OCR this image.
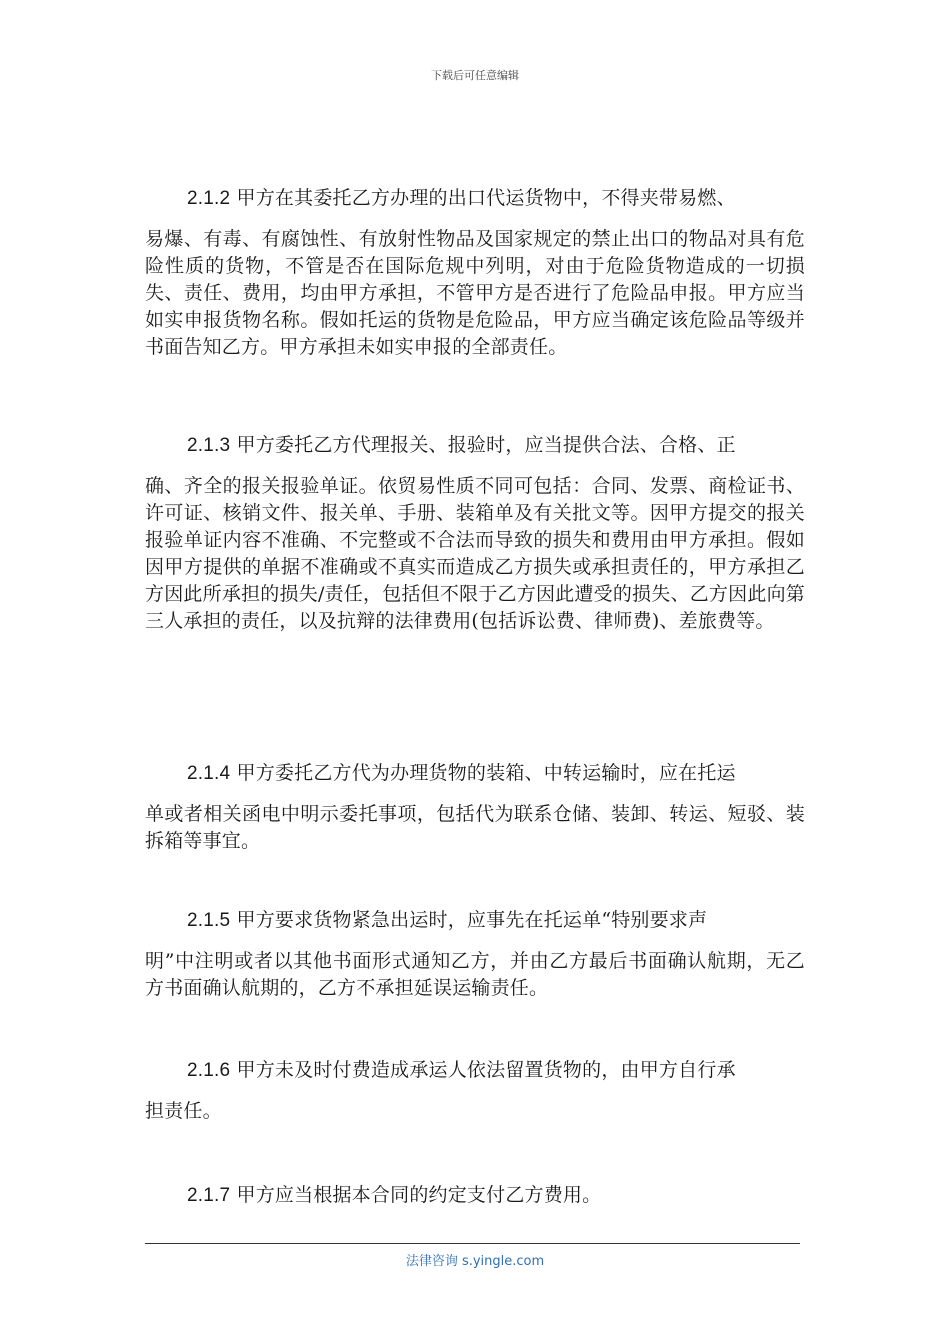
下载后可任意编辑
2.1.2 甲方在其委托乙方办理的出口代运货物中，不得夹带易燃、
易爆、有毒、有腐蚀性、有放射性物品及国家规定的禁止出口的物品对具有危险性质的货物，不管是否在国际危规中列明，对由于危险货物造成的一切损失、责任、费用，均由甲方承担，不管甲方是否进行了危险品申报。甲方应当如实申报货物名称。假如托运的货物是危险品，甲方应当确定该危险品等级并书面告知乙方。甲方承担未如实申报的全部责任。
2.1.3 甲方委托乙方代理报关、报验时，应当提供合法、合格、正
确、齐全的报关报验单证。依贸易性质不同可包括：合同、发票、商检证书、许可证、核销文件、报关单、手册、装箱单及有关批文等。因甲方提交的报关报验单证内容不准确、不完整或不合法而导致的损失和费用由甲方承担。假如因甲方提供的单据不准确或不真实而造成乙方损失或承担责任的，甲方承担乙方因此所承担的损失/责任，包括但不限于乙方因此遭受的损失、乙方因此向第三人承担的责任，以及抗辩的法律费用(包括诉讼费、律师费)、差旅费等。
2.1.4 甲方委托乙方代为办理货物的装箱、中转运输时，应在托运
单或者相关函电中明示委托事项，包括代为联系仓储、装卸、转运、短驳、装拆箱等事宜。
2.1.5 甲方要求货物紧急出运时，应事先在托运单“特别要求声
明”中注明或者以其他书面形式通知乙方，并由乙方最后书面确认航期，无乙方书面确认航期的，乙方不承担延误运输责任。
2.1.6 甲方未及时付费造成承运人依法留置货物的，由甲方自行承
担责任。
2.1.7 甲方应当根据本合同的约定支付乙方费用。
法律咨询 s.yingle.com
